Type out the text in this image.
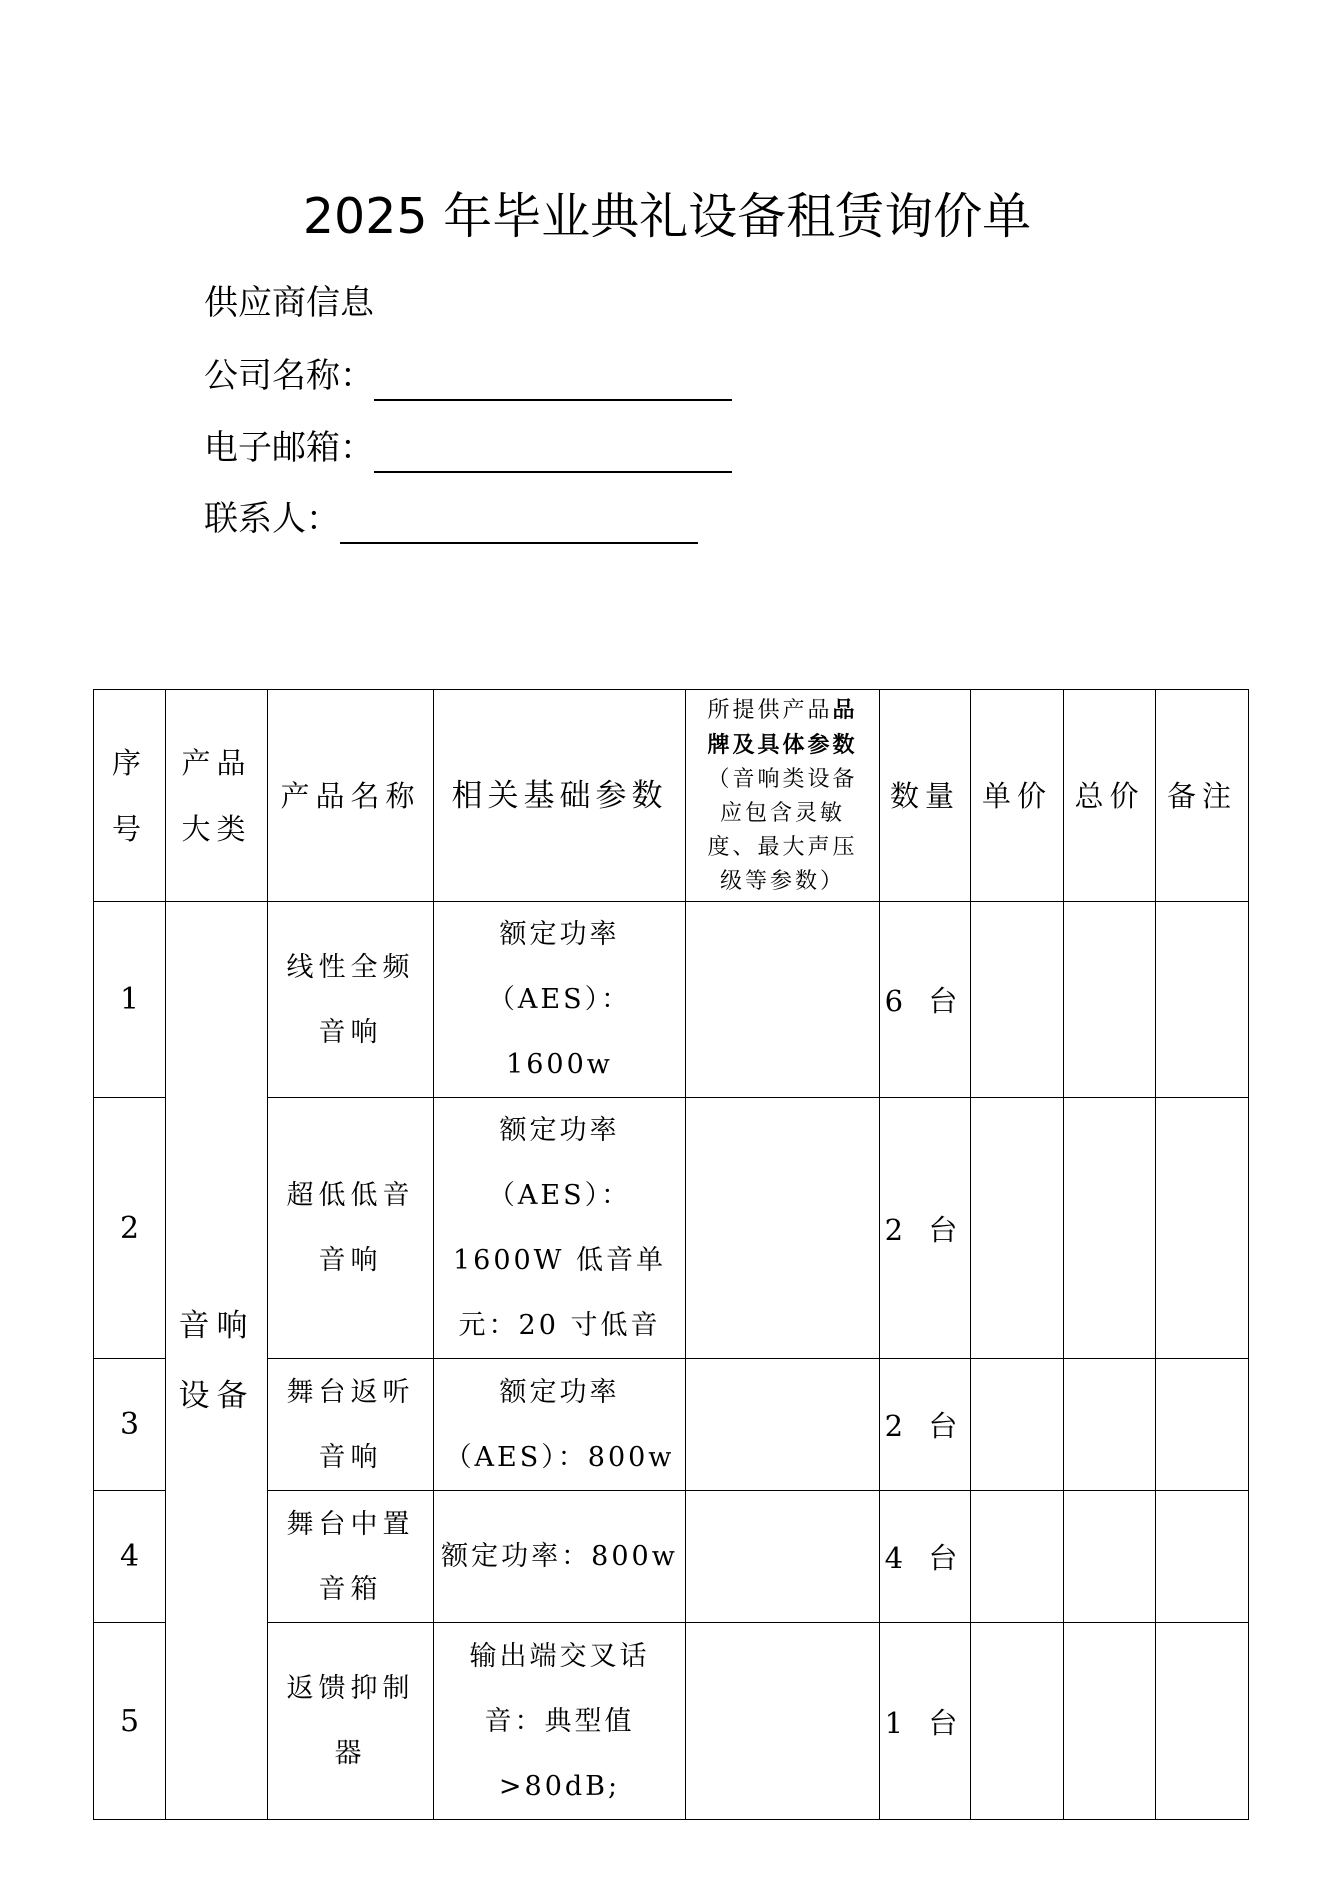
2025 年毕业典礼设备租赁询价单
供应商信息
公司名称：
电子邮箱：
联系人：
序号	产品大类	产品名称	相关基础参数	所提供产品品牌及具体参数（音响类设备应包含灵敏度、最大声压级等参数）	数量	单价	总价	备注
1	音响设备	线性全频音响	额定功率（AES）：1600w		6 台			
2		超低低音音响	额定功率（AES）：1600W 低音单元：20 寸低音		2 台			
3		舞台返听音响	额定功率（AES）：800w		2 台			
4		舞台中置音箱	额定功率：800w		4 台			
5		返馈抑制器	输出端交叉话音：典型值>80dB;		1 台			
